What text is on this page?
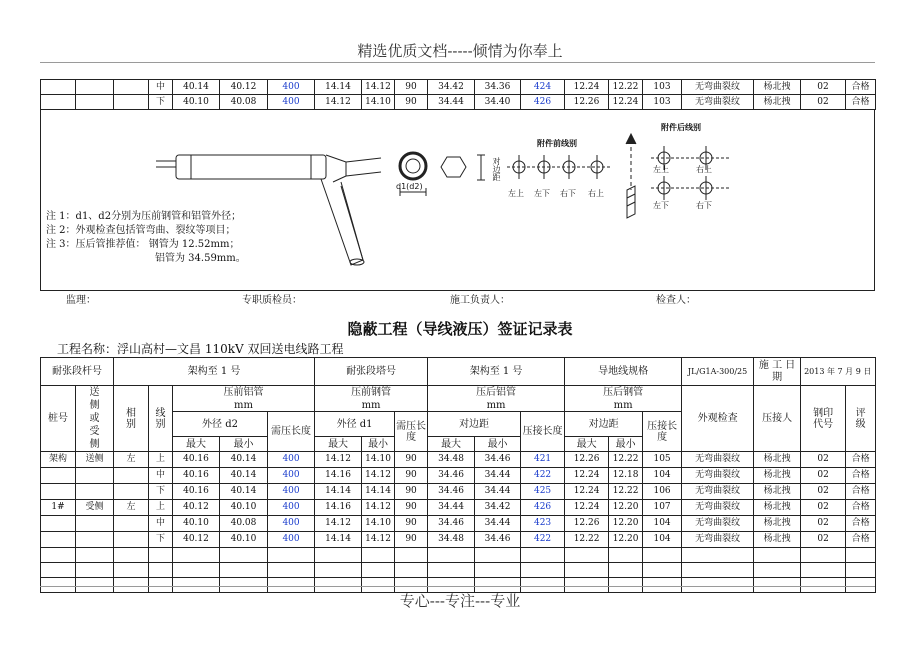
精选优质文档-----倾情为你奉上
			中	40.14	40.12	400	14.14	14.12	90	34.42	34.36	424	12.24	12.22	103	无弯曲裂纹	杨北拽	02	合格
			下	40.10	40.08	400	14.12	14.10	90	34.44	34.40	426	12.26	12.24	103	无弯曲裂纹	杨北拽	02	合格
对边距
d1(d2)
附件前线别
附件后线别
左上 左下 右下 右上
左上	右上
左下	右下
注 1：d1、d2分别为压前钢管和铝管外径；
注 2：外观检查包括管弯曲、裂纹等项目；
注 3：压后管推荐值： 钢管为 12.52mm；
铝管为 34.59mm。
监理：	专职质检员：	施工负责人：	检查人：
隐蔽工程（导线液压）签证记录表
工程名称：浮山高村—文昌 110kV 双回送电线路工程
耐张段杆号		架构至 1 号					耐张段塔号			架构至 1 号			导地线规格			JL/G1A-300/25	施 工 日 期	2013 年 7 月 9 日	
桩号	送侧或受侧	相别	线别	压前铝管			压前钢管			压后铝管			压后钢管			外观检查	压接人	钢印代号	评级
				mm			mm			mm			mm						
				外径 d2		需压长度	外径 d1		需压长度	对边距		压接长度	对边距		压接长度				
				最大	最小		最大	最小		最大	最小		最大	最小					
架构	送侧	左	上	40.16	40.14	400	14.12	14.10	90	34.48	34.46	421	12.26	12.22	105	无弯曲裂纹	杨北拽	02	合格
			中	40.16	40.14	400	14.16	14.12	90	34.46	34.44	422	12.24	12.18	104	无弯曲裂纹	杨北拽	02	合格
			下	40.16	40.14	400	14.14	14.14	90	34.46	34.44	425	12.24	12.22	106	无弯曲裂纹	杨北拽	02	合格
1#	受侧	左	上	40.12	40.10	400	14.16	14.12	90	34.44	34.42	426	12.24	12.20	107	无弯曲裂纹	杨北拽	02	合格
			中	40.10	40.08	400	14.12	14.10	90	34.46	34.44	423	12.26	12.20	104	无弯曲裂纹	杨北拽	02	合格
			下	40.12	40.10	400	14.14	14.12	90	34.48	34.46	422	12.22	12.20	104	无弯曲裂纹	杨北拽	02	合格

专心---专注---专业
